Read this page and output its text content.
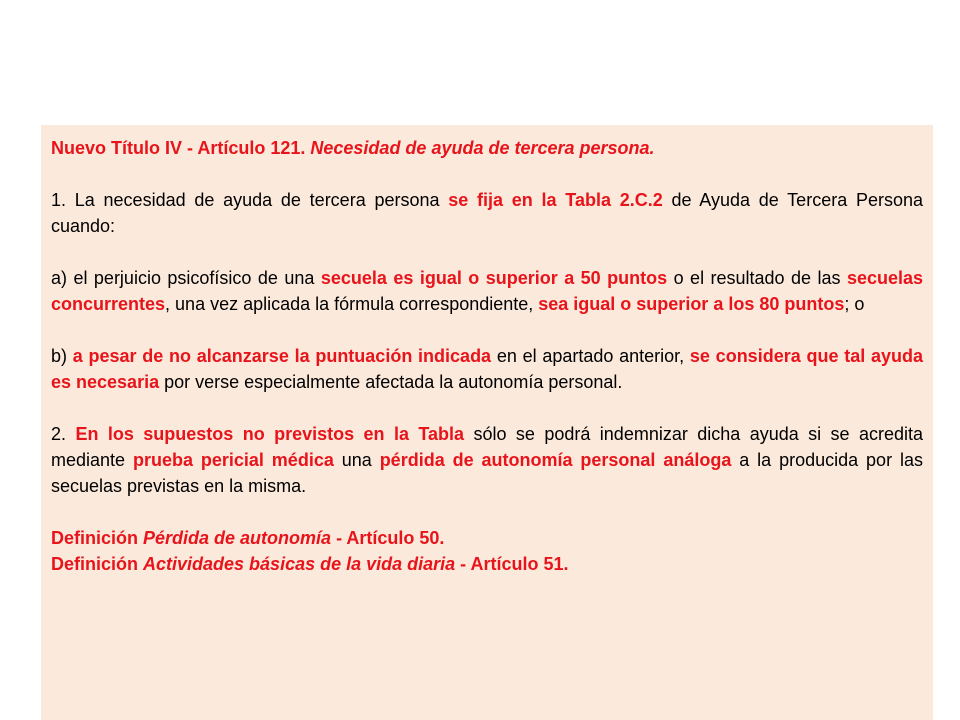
Nuevo Título IV - Artículo 121. Necesidad de ayuda de tercera persona.

1. La necesidad de ayuda de tercera persona se fija en la Tabla 2.C.2 de Ayuda de Tercera Persona cuando:

a) el perjuicio psicofísico de una secuela es igual o superior a 50 puntos o el resultado de las secuelas concurrentes, una vez aplicada la fórmula correspondiente, sea igual o superior a los 80 puntos; o

b) a pesar de no alcanzarse la puntuación indicada en el apartado anterior, se considera que tal ayuda es necesaria por verse especialmente afectada la autonomía personal.

2. En los supuestos no previstos en la Tabla sólo se podrá indemnizar dicha ayuda si se acredita mediante prueba pericial médica una pérdida de autonomía personal análoga a la producida por las secuelas previstas en la misma.

Definición Pérdida de autonomía - Artículo 50.

Definición Actividades básicas de la vida diaria - Artículo 51.
